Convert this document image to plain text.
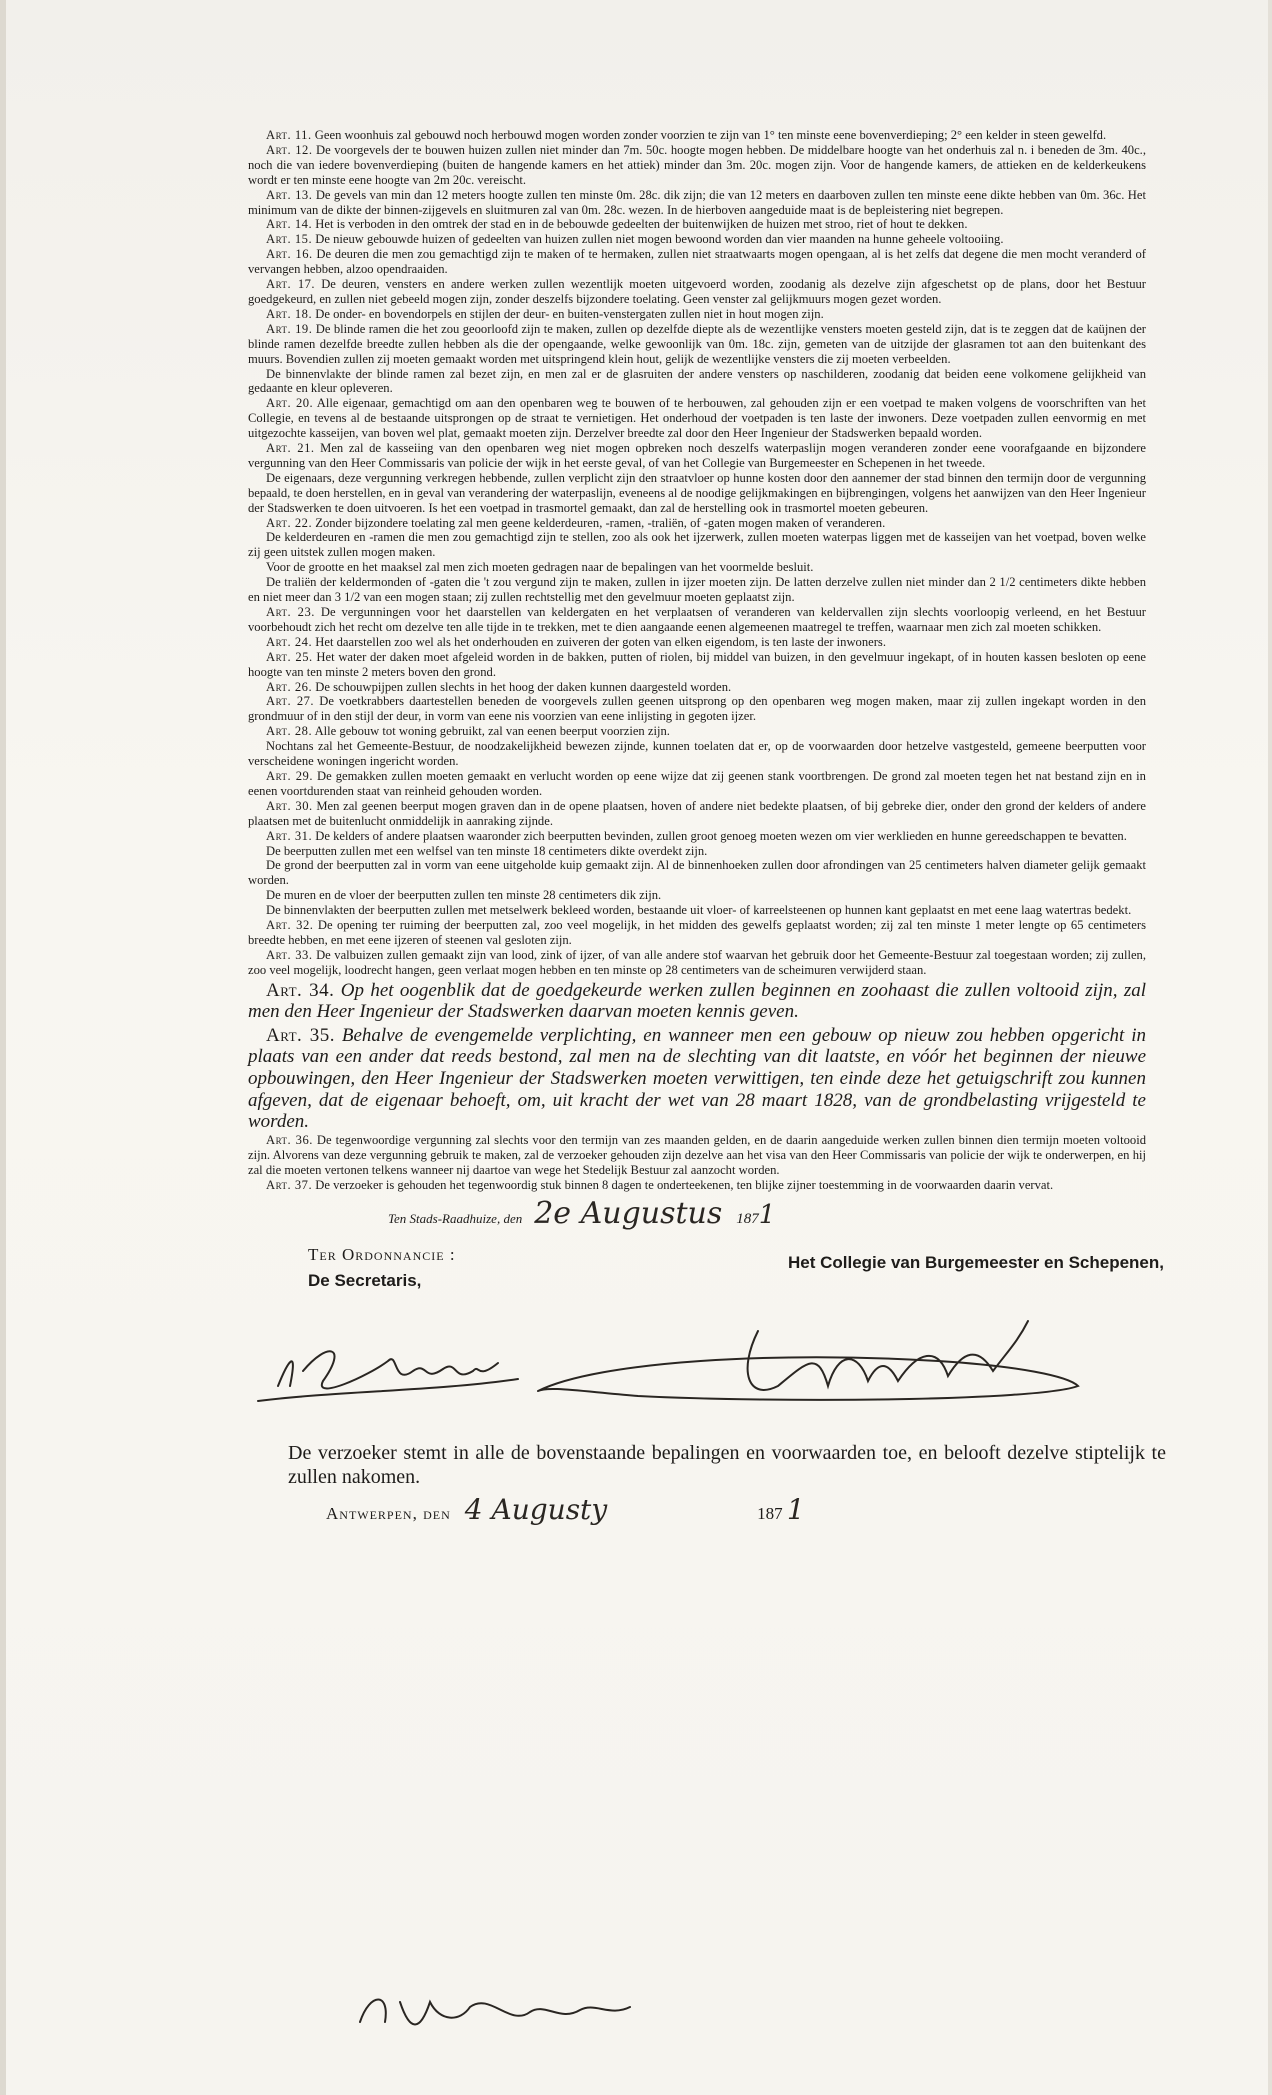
Art. 11. Geen woonhuis zal gebouwd noch herbouwd mogen worden zonder voorzien te zijn van 1° ten minste eene bovenverdieping; 2° een kelder in steen gewelfd.

Art. 12. De voorgevels der te bouwen huizen zullen niet minder dan 7m. 50c. hoogte mogen hebben. De middelbare hoogte van het onderhuis zal n. i beneden de 3m. 40c., noch die van iedere bovenverdieping (buiten de hangende kamers en het attiek) minder dan 3m. 20c. mogen zijn. Voor de hangende kamers, de attieken en de kelderkeukens wordt er ten minste eene hoogte van 2m 20c. vereischt.

Art. 13. De gevels van min dan 12 meters hoogte zullen ten minste 0m. 28c. dik zijn; die van 12 meters en daarboven zullen ten minste eene dikte hebben van 0m. 36c. Het minimum van de dikte der binnen-zijgevels en sluitmuren zal van 0m. 28c. wezen. In de hierboven aangeduide maat is de bepleistering niet begrepen.

Art. 14. Het is verboden in den omtrek der stad en in de bebouwde gedeelten der buitenwijken de huizen met stroo, riet of hout te dekken.

Art. 15. De nieuw gebouwde huizen of gedeelten van huizen zullen niet mogen bewoond worden dan vier maanden na hunne geheele voltooiing.

Art. 16. De deuren die men zou gemachtigd zijn te maken of te hermaken, zullen niet straatwaarts mogen opengaan, al is het zelfs dat degene die men mocht veranderd of vervangen hebben, alzoo opendraaiden.

Art. 17. De deuren, vensters en andere werken zullen wezentlijk moeten uitgevoerd worden, zoodanig als dezelve zijn afgeschetst op de plans, door het Bestuur goedgekeurd, en zullen niet gebeeld mogen zijn, zonder deszelfs bijzondere toelating. Geen venster zal gelijkmuurs mogen gezet worden.

Art. 18. De onder- en bovendorpels en stijlen der deur- en buiten-venstergaten zullen niet in hout mogen zijn.

Art. 19. De blinde ramen die het zou geoorloofd zijn te maken, zullen op dezelfde diepte als de wezentlijke vensters moeten gesteld zijn, dat is te zeggen dat de kaüjnen der blinde ramen dezelfde breedte zullen hebben als die der opengaande, welke gewoonlijk van 0m. 18c. zijn, gemeten van de uitzijde der glasramen tot aan den buitenkant des muurs. Bovendien zullen zij moeten gemaakt worden met uitspringend klein hout, gelijk de wezentlijke vensters die zij moeten verbeelden.

De binnenvlakte der blinde ramen zal bezet zijn, en men zal er de glasruiten der andere vensters op naschilderen, zoodanig dat beiden eene volkomene gelijkheid van gedaante en kleur opleveren.

Art. 20. Alle eigenaar, gemachtigd om aan den openbaren weg te bouwen of te herbouwen, zal gehouden zijn er een voetpad te maken volgens de voorschriften van het Collegie, en tevens al de bestaande uitsprongen op de straat te vernietigen. Het onderhoud der voetpaden is ten laste der inwoners. Deze voetpaden zullen eenvormig en met uitgezochte kasseijen, van boven wel plat, gemaakt moeten zijn. Derzelver breedte zal door den Heer Ingenieur der Stadswerken bepaald worden.

Art. 21. Men zal de kasseiing van den openbaren weg niet mogen opbreken noch deszelfs waterpaslijn mogen veranderen zonder eene voorafgaande en bijzondere vergunning van den Heer Commissaris van policie der wijk in het eerste geval, of van het Collegie van Burgemeester en Schepenen in het tweede.

De eigenaars, deze vergunning verkregen hebbende, zullen verplicht zijn den straatvloer op hunne kosten door den aannemer der stad binnen den termijn door de vergunning bepaald, te doen herstellen, en in geval van verandering der waterpaslijn, eveneens al de noodige gelijkmakingen en bijbrengingen, volgens het aanwijzen van den Heer Ingenieur der Stadswerken te doen uitvoeren. Is het een voetpad in trasmortel gemaakt, dan zal de herstelling ook in trasmortel moeten gebeuren.

Art. 22. Zonder bijzondere toelating zal men geene kelderdeuren, -ramen, -traliën, of -gaten mogen maken of veranderen.

De kelderdeuren en -ramen die men zou gemachtigd zijn te stellen, zoo als ook het ijzerwerk, zullen moeten waterpas liggen met de kasseijen van het voetpad, boven welke zij geen uitstek zullen mogen maken.

Voor de grootte en het maaksel zal men zich moeten gedragen naar de bepalingen van het voormelde besluit.

De traliën der keldermonden of -gaten die 't zou vergund zijn te maken, zullen in ijzer moeten zijn. De latten derzelve zullen niet minder dan 2 1/2 centimeters dikte hebben en niet meer dan 3 1/2 van een mogen staan; zij zullen rechtstellig met den gevelmuur moeten geplaatst zijn.

Art. 23. De vergunningen voor het daarstellen van keldergaten en het verplaatsen of veranderen van keldervallen zijn slechts voorloopig verleend, en het Bestuur voorbehoudt zich het recht om dezelve ten alle tijde in te trekken, met te dien aangaande eenen algemeenen maatregel te treffen, waarnaar men zich zal moeten schikken.

Art. 24. Het daarstellen zoo wel als het onderhouden en zuiveren der goten van elken eigendom, is ten laste der inwoners.

Art. 25. Het water der daken moet afgeleid worden in de bakken, putten of riolen, bij middel van buizen, in den gevelmuur ingekapt, of in houten kassen besloten op eene hoogte van ten minste 2 meters boven den grond.

Art. 26. De schouwpijpen zullen slechts in het hoog der daken kunnen daargesteld worden.

Art. 27. De voetkrabbers daartestellen beneden de voorgevels zullen geenen uitsprong op den openbaren weg mogen maken, maar zij zullen ingekapt worden in den grondmuur of in den stijl der deur, in vorm van eene nis voorzien van eene inlijsting in gegoten ijzer.

Art. 28. Alle gebouw tot woning gebruikt, zal van eenen beerput voorzien zijn.

Nochtans zal het Gemeente-Bestuur, de noodzakelijkheid bewezen zijnde, kunnen toelaten dat er, op de voorwaarden door hetzelve vastgesteld, gemeene beerputten voor verscheidene woningen ingericht worden.

Art. 29. De gemakken zullen moeten gemaakt en verlucht worden op eene wijze dat zij geenen stank voortbrengen. De grond zal moeten tegen het nat bestand zijn en in eenen voortdurenden staat van reinheid gehouden worden.

Art. 30. Men zal geenen beerput mogen graven dan in de opene plaatsen, hoven of andere niet bedekte plaatsen, of bij gebreke dier, onder den grond der kelders of andere plaatsen met de buitenlucht onmiddelijk in aanraking zijnde.

Art. 31. De kelders of andere plaatsen waaronder zich beerputten bevinden, zullen groot genoeg moeten wezen om vier werklieden en hunne gereedschappen te bevatten.

De beerputten zullen met een welfsel van ten minste 18 centimeters dikte overdekt zijn.

De grond der beerputten zal in vorm van eene uitgeholde kuip gemaakt zijn. Al de binnenhoeken zullen door afrondingen van 25 centimeters halven diameter gelijk gemaakt worden.

De muren en de vloer der beerputten zullen ten minste 28 centimeters dik zijn.

De binnenvlakten der beerputten zullen met metselwerk bekleed worden, bestaande uit vloer- of karreelsteenen op hunnen kant geplaatst en met eene laag watertras bedekt.

Art. 32. De opening ter ruiming der beerputten zal, zoo veel mogelijk, in het midden des gewelfs geplaatst worden; zij zal ten minste 1 meter lengte op 65 centimeters breedte hebben, en met eene ijzeren of steenen val gesloten zijn.

Art. 33. De valbuizen zullen gemaakt zijn van lood, zink of ijzer, of van alle andere stof waarvan het gebruik door het Gemeente-Bestuur zal toegestaan worden; zij zullen, zoo veel mogelijk, loodrecht hangen, geen verlaat mogen hebben en ten minste op 28 centimeters van de scheimuren verwijderd staan.

Art. 34. Op het oogenblik dat de goedgekeurde werken zullen beginnen en zoohaast die zullen voltooid zijn, zal men den Heer Ingenieur der Stadswerken daarvan moeten kennis geven.

Art. 35. Behalve de evengemelde verplichting, en wanneer men een gebouw op nieuw zou hebben opgericht in plaats van een ander dat reeds bestond, zal men na de slechting van dit laatste, en vóór het beginnen der nieuwe opbouwingen, den Heer Ingenieur der Stadswerken moeten verwittigen, ten einde deze het getuigschrift zou kunnen afgeven, dat de eigenaar behoeft, om, uit kracht der wet van 28 maart 1828, van de grondbelasting vrijgesteld te worden.

Art. 36. De tegenwoordige vergunning zal slechts voor den termijn van zes maanden gelden, en de daarin aangeduide werken zullen binnen dien termijn moeten voltooid zijn. Alvorens van deze vergunning gebruik te maken, zal de verzoeker gehouden zijn dezelve aan het visa van den Heer Commissaris van policie der wijk te onderwerpen, en hij zal die moeten vertonen telkens wanneer nij daartoe van wege het Stedelijk Bestuur zal aanzocht worden.

Art. 37. De verzoeker is gehouden het tegenwoordig stuk binnen 8 dagen te onderteekenen, ten blijke zijner toestemming in de voorwaarden daarin vervat.

Ten Stads-Raadhuize, den 2e Augustus 1871
Ter Ordonnancie :
De Secretaris,
Het Collegie van Burgemeester en Schepenen,
De verzoeker stemt in alle de bovenstaande bepalingen en voorwaarden toe, en belooft dezelve stiptelijk te zullen nakomen.
Antwerpen, den 4 Augusty	187 1
